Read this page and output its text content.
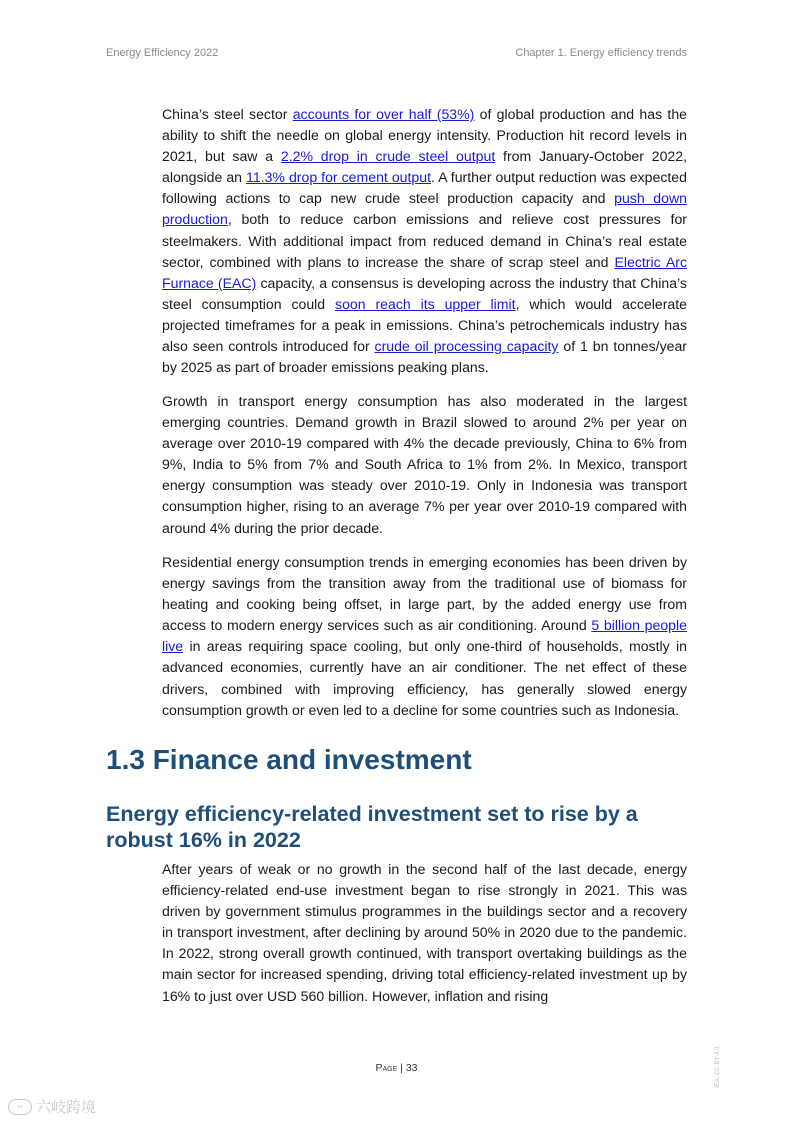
Energy Efficiency 2022	Chapter 1. Energy efficiency trends

China’s steel sector accounts for over half (53%) of global production and has the ability to shift the needle on global energy intensity. Production hit record levels in 2021, but saw a 2.2% drop in crude steel output from January-October 2022, alongside an 11.3% drop for cement output. A further output reduction was expected following actions to cap new crude steel production capacity and push down production, both to reduce carbon emissions and relieve cost pressures for steelmakers. With additional impact from reduced demand in China’s real estate sector, combined with plans to increase the share of scrap steel and Electric Arc Furnace (EAC) capacity, a consensus is developing across the industry that China’s steel consumption could soon reach its upper limit, which would accelerate projected timeframes for a peak in emissions. China’s petrochemicals industry has also seen controls introduced for crude oil processing capacity of 1 bn tonnes/year by 2025 as part of broader emissions peaking plans.

Growth in transport energy consumption has also moderated in the largest emerging countries. Demand growth in Brazil slowed to around 2% per year on average over 2010-19 compared with 4% the decade previously, China to 6% from 9%, India to 5% from 7% and South Africa to 1% from 2%. In Mexico, transport energy consumption was steady over 2010-19. Only in Indonesia was transport consumption higher, rising to an average 7% per year over 2010-19 compared with around 4% during the prior decade.

Residential energy consumption trends in emerging economies has been driven by energy savings from the transition away from the traditional use of biomass for heating and cooking being offset, in large part, by the added energy use from access to modern energy services such as air conditioning. Around 5 billion people live in areas requiring space cooling, but only one-third of households, mostly in advanced economies, currently have an air conditioner. The net effect of these drivers, combined with improving efficiency, has generally slowed energy consumption growth or even led to a decline for some countries such as Indonesia.

1.3 Finance and investment
Energy efficiency-related investment set to rise by a robust 16% in 2022

After years of weak or no growth in the second half of the last decade, energy efficiency-related end-use investment began to rise strongly in 2021. This was driven by government stimulus programmes in the buildings sector and a recovery in transport investment, after declining by around 50% in 2020 due to the pandemic. In 2022, strong overall growth continued, with transport overtaking buildings as the main sector for increased spending, driving total efficiency-related investment up by 16% to just over USD 560 billion. However, inflation and rising

Page | 33	IEA. CC BY 4.0.
∞ 六岐跨境
